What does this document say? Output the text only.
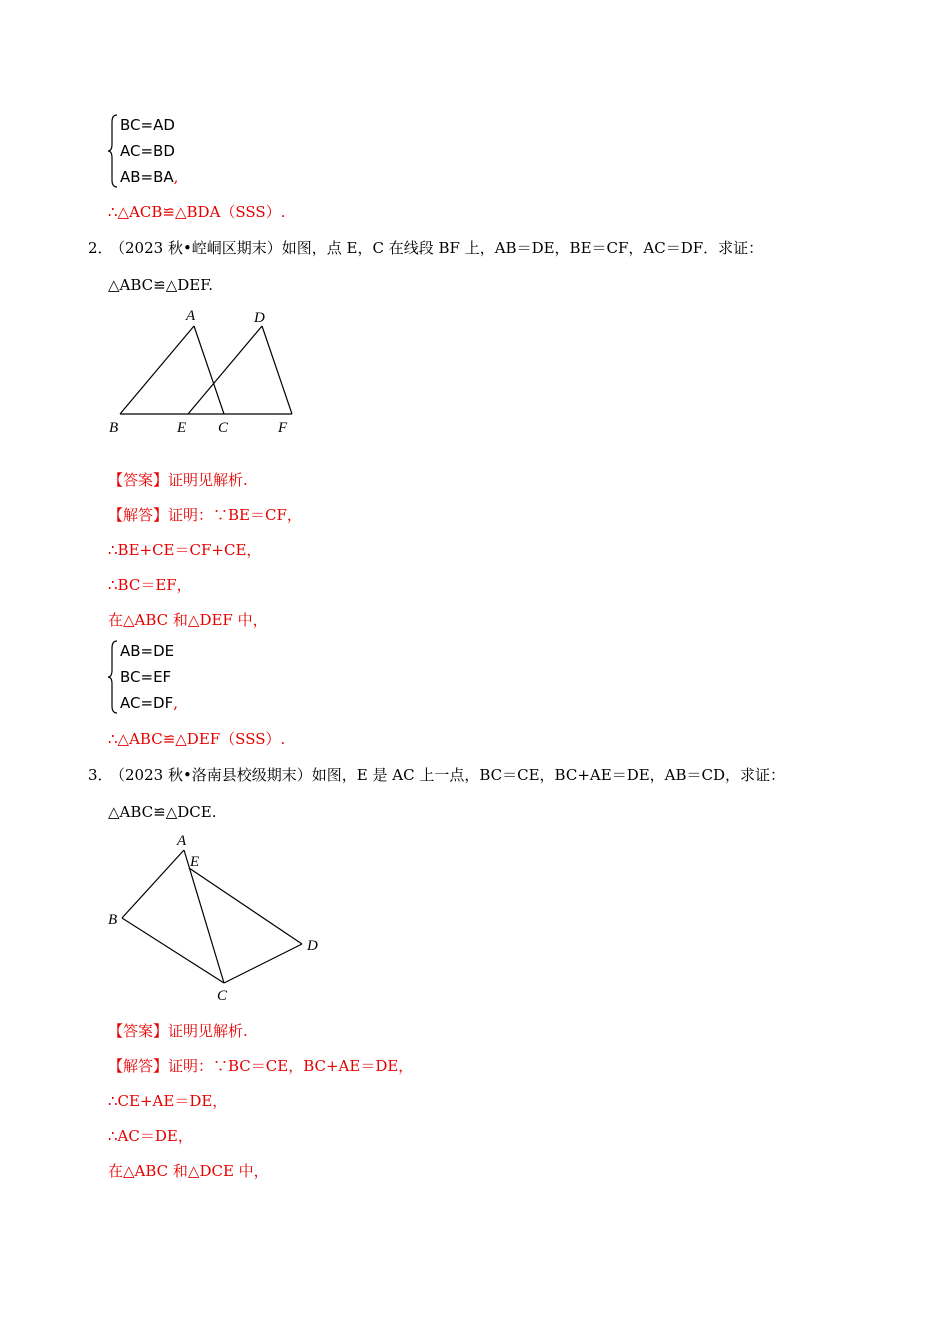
BC=AD
AC=BD
AB=BA,
∴△ACB≌△BDA（SSS）.
2．
（2023 秋•崆峒区期末）如图，点 E，C 在线段 BF 上，AB＝DE，BE＝CF，AC＝DF．求证：
△ABC≌△DEF.
A	D
B	E C	F
【答案】证明见解析.
【解答】证明：∵BE＝CF，
∴BE+CE＝CF+CE，
∴BC＝EF，
在△ABC 和△DEF 中，
AB=DE
BC=EF
AC=DF,
∴△ABC≌△DEF（SSS）.
3．
（2023 秋•洛南县校级期末）如图，E 是 AC 上一点，BC＝CE，BC+AE＝DE，AB＝CD，求证：
△ABC≌△DCE.
A
E
B
D
C
【答案】证明见解析.
【解答】证明：∵BC＝CE，BC+AE＝DE，
∴CE+AE＝DE，
∴AC＝DE，
在△ABC 和△DCE 中，
